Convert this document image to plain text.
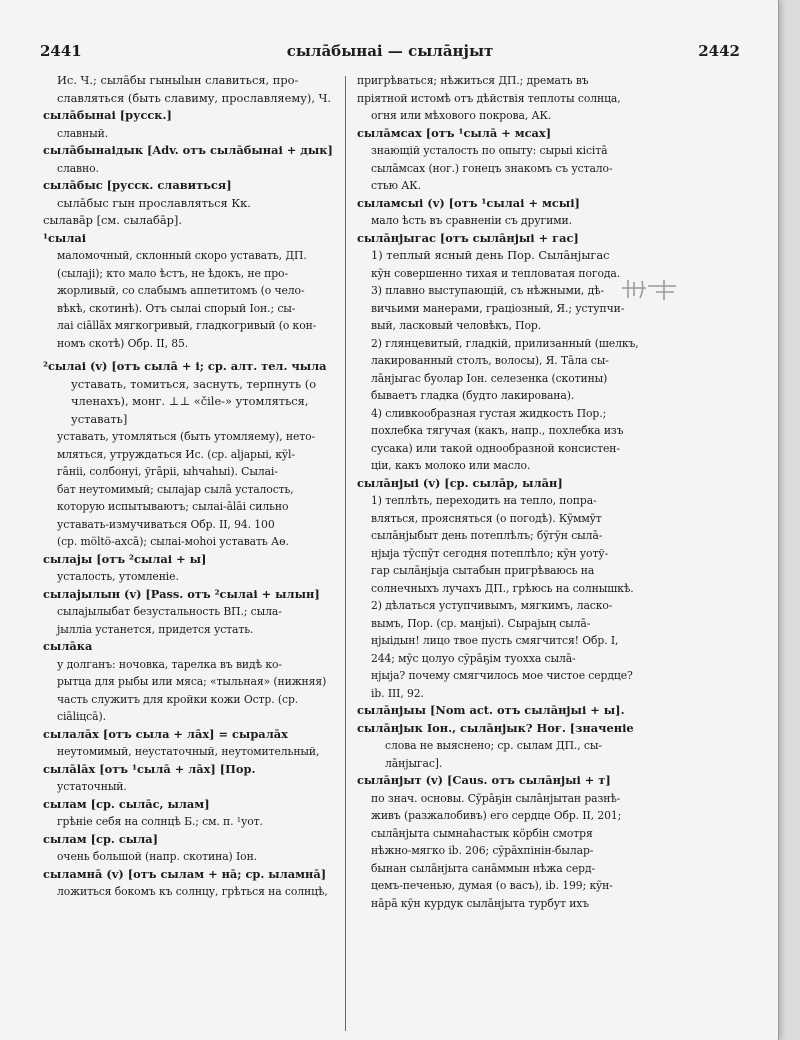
2441	сылāбынаі — сылāнјыт	2442
Ис. Ч.; сылāбы гыныlын славиться, про-
славляться (быть славиму, прославляему), Ч.
сылāбынаі [русск.]
славный.
сылāбынаідык [Adv. отъ сылāбынаі + дык]
славно.
сылāбыс [русск. славиться]
сылāбыс гын прославляться Кк.
сылавāр [см. сылабāр].
¹сылаі
маломочный, склонный скоро уставать, ДП.
(сылаjі); кто мало ѣстъ, не ѣдокъ, не про-
жорливый, со слабымъ аппетитомъ (о чело-
вѣкѣ, скотинѣ). Отъ сылаі спорый Іон.; сы-
лаі сіāllāх мягкогривый, гладкогривый (о кон-
номъ скотѣ) Обр. II, 85.
²сылаі (v) [отъ сылā + і; ср. алт. тел. чыла
уставать, томиться, заснуть, терпнуть (о
членахъ), монг. ⊥⊥ «čile-» утомляться,
уставать]
уставать, утомляться (быть утомляему), нето-
мляться, утруждаться Ис. (ср. аljарыі, кỹl-
гāніі, солбонуі, ўгāріі, ыhчаhыі). Сылаі-
бат неутомимый; сылаjар сылā усталость,
которую испытываютъ; сылаі-ālāі сильно
уставать-измучиваться Обр. II, 94. 100
(ср. möltö-ахсā); сылаі-моhоі уставать Аө.
сылаjы [отъ ²сылаі + ы]
усталость, утомленіе.
сылаjылын (v) [Pass. отъ ²сылаі + ылын]
сылаjылыбат безустальность ВП.; сыла-
jылліа устанется, придется устать.
сылāка
у долганъ: ночовка, тарелка въ видѣ ко-
рытца для рыбы или мяса; «тыльная» (нижняя)
часть служитъ для кройки кожи Остр. (ср.
сіāliцсā).
сылалāх [отъ сыла + лāх] = сыралāх
неутомимый, неустаточный, неутомительный,
сылālāх [отъ ¹сылā + лāх] [Пор.
устаточный.
сылам [ср. сылāс, ылам]
грѣніе себя на солнцѣ Б.; см. п. ¹уот.
сылам [ср. сыла]
очень большой (напр. скотина) Іон.
сыламнā (v) [отъ сылам + нā; ср. ыламнā]
ложиться бокомъ къ солнцу, грѣться на солнцѣ,
пригрѣваться; нѣжиться ДП.; дремать въ
пріятной истомѣ отъ дѣйствія теплоты солнца,
огня или мѣхового покрова, АК.
сылāмсах [отъ ¹сылā + мсах]
знающій усталость по опыту: сырыі кісітā
сылāмсах (ног.) гонецъ знакомъ съ устало-
стью АК.
сыламсыі (v) [отъ ¹сылаі + мсыі]
мало ѣсть въ сравненіи съ другими.
сылāнјыгас [отъ сылāнјыі + гас]
1) теплый ясный день Пор. Сылāнјыгас
кỹн совершенно тихая и тепловатая погода.
3) плавно выступающій, съ нѣжными, дѣ-
вичьими манерами, граціозный, Я.; уступчи-
вый, ласковый человѣкъ, Пор.
2) глянцевитый, гладкій, прилизанный (шелкъ,
лакированный столъ, волосы), Я. Тāла сы-
лāнјыгас буолар Іон. селезенка (скотины)
бываетъ гладка (будто лакирована).
4) сливкообразная густая жидкость Пор.;
похлебка тягучая (какъ, напр., похлебка изъ
сусака) или такой однообразной консистен-
ціи, какъ молоко или масло.
сылāнјыі (v) [ср. сылāр, ылāн]
1) теплѣть, переходить на тепло, попра-
вляться, проясняться (о погодѣ). Кỹммỹт
сылāнјыбыт день потеплѣлъ; бỹгỹн сылā-
нјыја тỹспỹт сегодня потеплѣло; кỹн уотў-
гар сылāнјыја сытабын пригрѣваюсь на
солнечныхъ лучахъ ДП., грѣюсь на солнышкѣ.
2) дѣлаться уступчивымъ, мягкимъ, ласко-
вымъ, Пор. (ср. манјыі). Сырајың сылā-
нјыідын! лицо твое пусть смягчится! Обр. I,
244; мỹс цолуо сỹрāҕім туохха сылā-
нјыја? почему смягчилось мое чистое сердце?
ib. III, 92.
сылāнјыы [Nom act. отъ сылāнјыі + ы].
сылāнјык Іон., сылāнјык? Ноғ. [значеніе
слова не выяснено; ср. сылам ДП., сы-
лāнјыгас].
сылāнјыт (v) [Caus. отъ сылāнјыі + т]
по знач. основы. Сỹрāҕін сылāнјытан разнѣ-
живъ (разжалобивъ) его сердце Обр. II, 201;
сылāнјыта сымнаhастык кöрбін смотря
нѣжно-мягко ib. 206; сỹрāхпінін-былар-
бынан сылāнјыта санāммын нѣжа серд-
цемъ-печенью, думая (о васъ), ib. 199; кỹн-
нāрā кỹн курдук сылāнјыта турбут ихъ
